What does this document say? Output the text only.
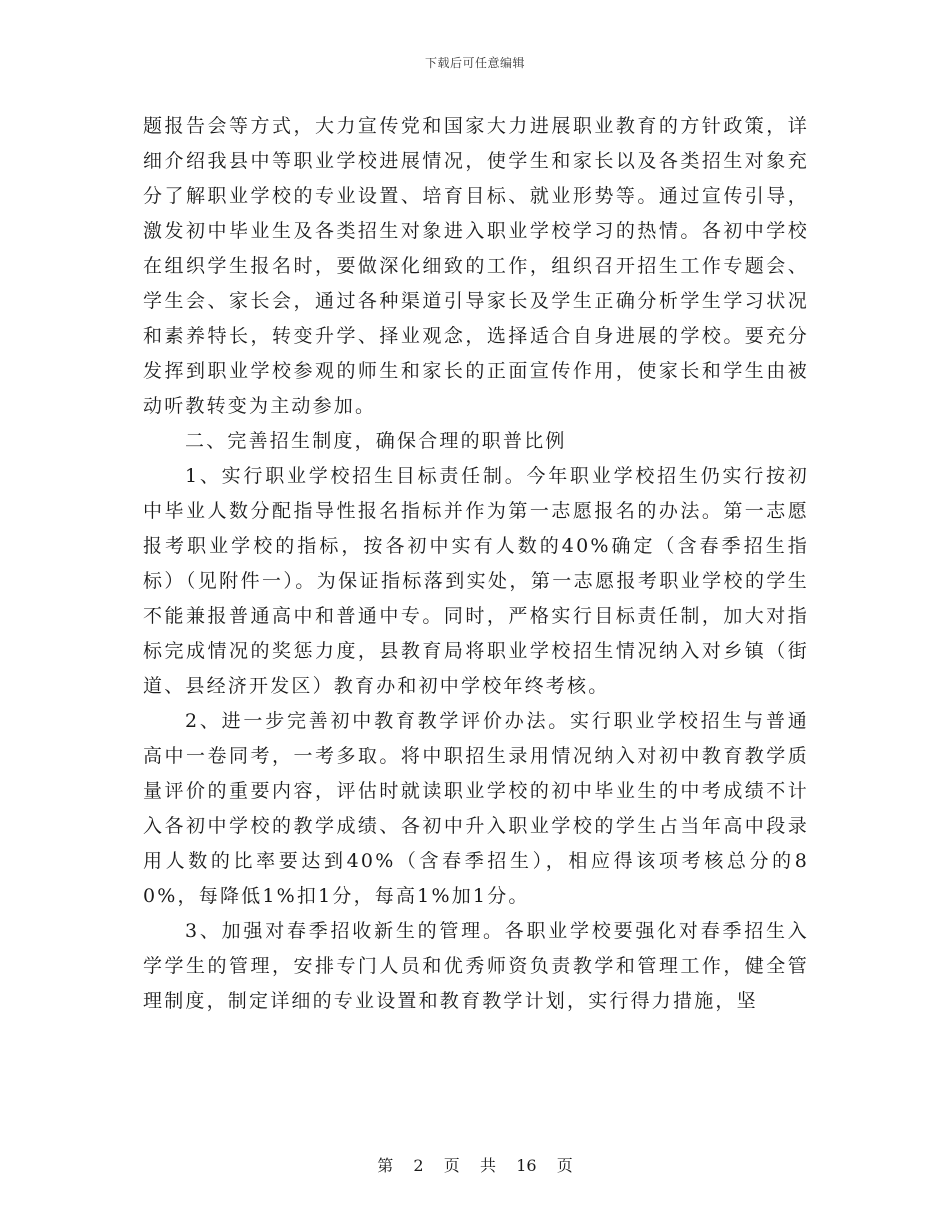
下载后可任意编辑

题报告会等方式，大力宣传党和国家大力进展职业教育的方针政策，详细介绍我县中等职业学校进展情况，使学生和家长以及各类招生对象充分了解职业学校的专业设置、培育目标、就业形势等。通过宣传引导，激发初中毕业生及各类招生对象进入职业学校学习的热情。各初中学校在组织学生报名时，要做深化细致的工作，组织召开招生工作专题会、学生会、家长会，通过各种渠道引导家长及学生正确分析学生学习状况和素养特长，转变升学、择业观念，选择适合自身进展的学校。要充分发挥到职业学校参观的师生和家长的正面宣传作用，使家长和学生由被动听教转变为主动参加。

二、完善招生制度，确保合理的职普比例

1、实行职业学校招生目标责任制。今年职业学校招生仍实行按初中毕业人数分配指导性报名指标并作为第一志愿报名的办法。第一志愿报考职业学校的指标，按各初中实有人数的40%确定（含春季招生指标）（见附件一）。为保证指标落到实处，第一志愿报考职业学校的学生不能兼报普通高中和普通中专。同时，严格实行目标责任制，加大对指标完成情况的奖惩力度，县教育局将职业学校招生情况纳入对乡镇（街道、县经济开发区）教育办和初中学校年终考核。

2、进一步完善初中教育教学评价办法。实行职业学校招生与普通高中一卷同考，一考多取。将中职招生录用情况纳入对初中教育教学质量评价的重要内容，评估时就读职业学校的初中毕业生的中考成绩不计入各初中学校的教学成绩、各初中升入职业学校的学生占当年高中段录用人数的比率要达到40%（含春季招生），相应得该项考核总分的80%，每降低1%扣1分，每高1%加1分。

3、加强对春季招收新生的管理。各职业学校要强化对春季招生入学学生的管理，安排专门人员和优秀师资负责教学和管理工作，健全管理制度，制定详细的专业设置和教育教学计划，实行得力措施，坚

第 2 页 共 16 页
